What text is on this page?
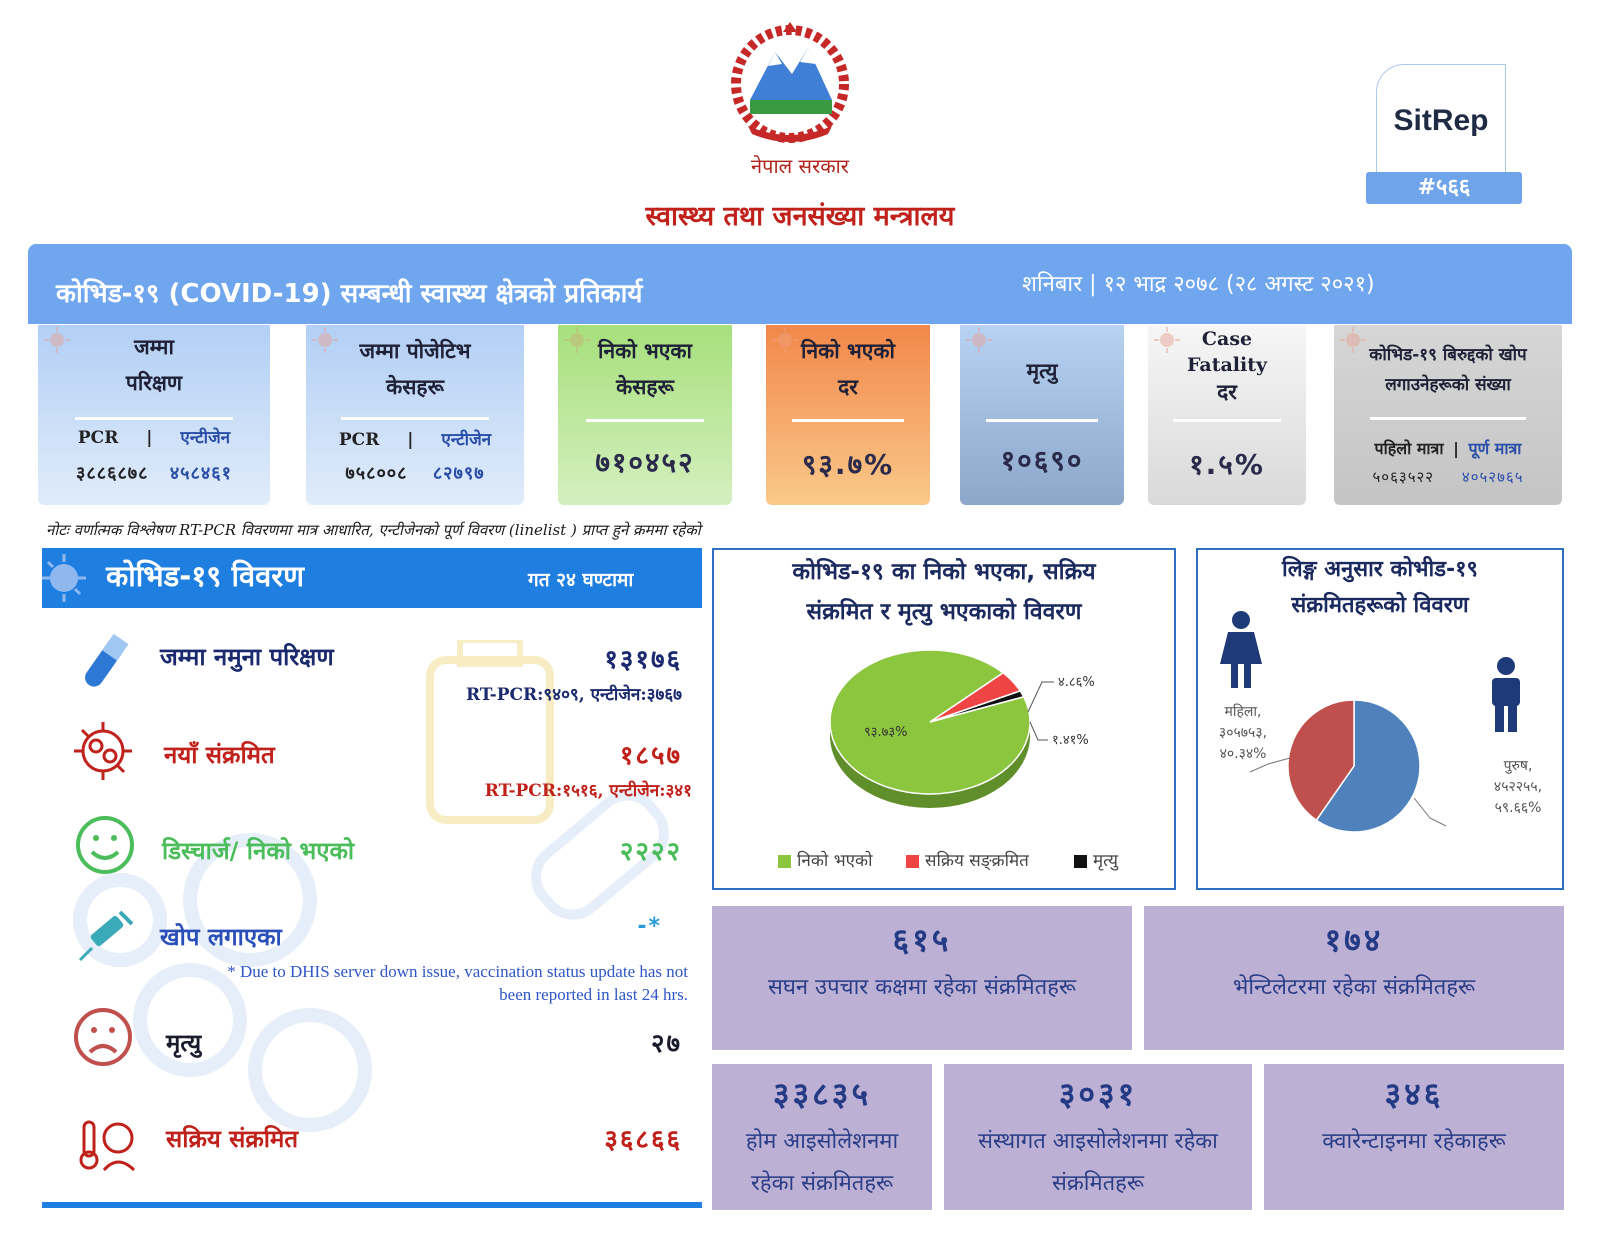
नेपाल सरकार
स्वास्थ्य तथा जनसंख्या मन्त्रालय
SitRep
#५६६
कोभिड-१९ (COVID-19) सम्बन्धी स्वास्थ्य क्षेत्रको प्रतिकार्य	शनिबार | १२ भाद्र २०७८ (२८ अगस्ट २०२१)
जम्मा
परिक्षण
PCR | एन्टीजेन
३८८६८७८ ४५८४६१
जम्मा पोजेटिभ
केसहरू
PCR | एन्टीजेन
७५८००८ ८२७९७
निको भएका
केसहरू
७१०४५२
निको भएको
दर
९३.७%
मृत्यु
१०६९०
Case
Fatality
दर
१.५%
कोभिड-१९ बिरुद्दको खोप
लगाउनेहरूको संख्या
पहिलो मात्रा | पूर्ण मात्रा
५०६३५२२ ४०५२७६५
नोटः वर्णात्मक विश्लेषण RT-PCR विवरणमा मात्र आधारित, एन्टीजेनको पूर्ण विवरण (linelist ) प्राप्त हुने क्रममा रहेको
कोभिड-१९ विवरण	गत २४ घण्टामा
जम्मा नमुना परिक्षण	१३१७६
RT-PCR:९४०९, एन्टीजेन:३७६७
नयाँ संक्रमित	१८५७
RT-PCR:१५१६, एन्टीजेन:३४१
डिस्चार्ज/ निको भएको	२२२२
खोप लगाएका	-*
* Due to DHIS server down issue, vaccination status update has not
been reported in last 24 hrs.
मृत्यु	२७
सक्रिय संक्रमित	३६८६६
कोभिड-१९ का निको भएका, सक्रिय
संक्रमित र मृत्यु भएकाको विवरण
९३.७३%
४.८६%
१.४१%
निको भएको	सक्रिय सङ्क्रमित	मृत्यु
लिङ्ग अनुसार कोभीड-१९
संक्रमितहरूको विवरण
महिला,
३०५७५३,
४०.३४%
पुरुष,
४५२२५५,
५९.६६%
६१५
सघन उपचार कक्षमा रहेका संक्रमितहरू
१७४
भेन्टिलेटरमा रहेका संक्रमितहरू
३३८३५
होम आइसोलेशनमा
रहेका संक्रमितहरू
३०३१
संस्थागत आइसोलेशनमा रहेका
संक्रमितहरू
३४६
क्वारेन्टाइनमा रहेकाहरू
